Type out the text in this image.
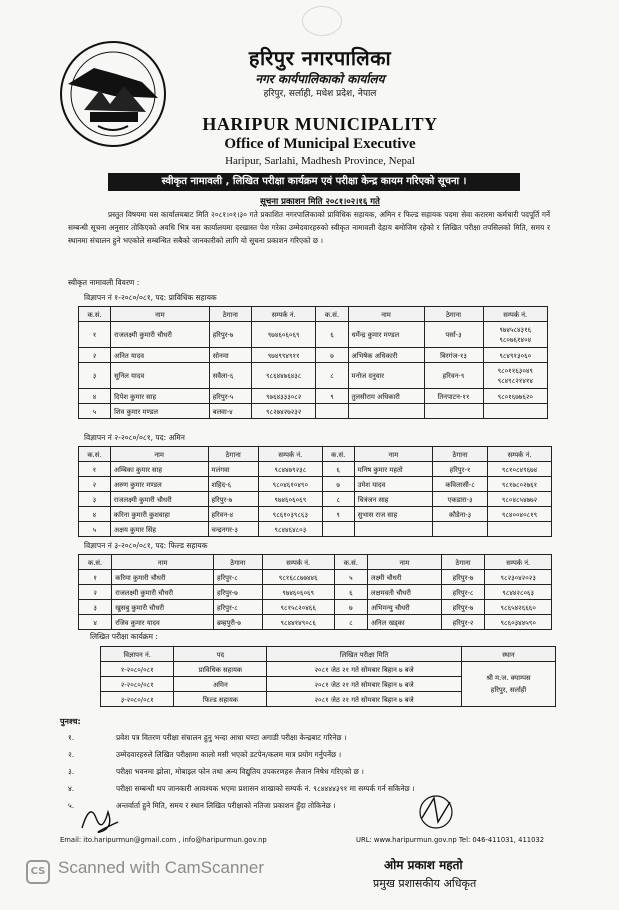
हरिपुर नगरपालिका
नगर कार्यपालिकाको कार्यालय
हरिपुर, सर्लाही, मधेश प्रदेश, नेपाल
HARIPUR MUNICIPALITY
Office of Municipal Executive
Haripur, Sarlahi, Madhesh Province, Nepal
स्वीकृत नामावली , लिखित परीक्षा कार्यक्रम एवं परीक्षा केन्द्र कायम गरिएको सूचना ।
सूचना प्रकाशन मिति २०८१।०२।१६ गते
प्रस्तुत विषयमा यस कार्यालयबाट मिति २०८१।०१।३० गते प्रकाशित नगरपालिकाको प्राविधिक सहायक, अमिन र फिल्ड सहायक पदमा सेवा करारमा कर्मचारी पदपूर्ति गर्ने सम्बन्धी सूचना अनुसार तोकिएको अवधि भित्र यस कार्यालयमा दरखास्त पेश गरेका उम्मेदवारहरुको स्वीकृत नामावली देहाय बमोजिम रहेको र लिखित परीक्षा तपसिलको मिति, समय र स्थानमा संचालन हुने भएकोले सम्बन्धित सबैको जानकारीको लागि यो सूचना प्रकाशन गरिएको छ ।
स्वीकृत नामावली विवरण :
विज्ञापन नं १-२०८०/०८१, पद: प्राविधिक सहायक
क.सं.	नाम	ठेगाना	सम्पर्क नं.	क.सं.	नाम	ठेगाना	सम्पर्क नं.
१	राजलक्ष्मी कुमारी चौधरी	हरिपुर-७	९७४६०६०६९	६	धर्मेन्द्र कुमार मण्डल	पर्सा-३	९७४५८४३१६
९८०७६१४०४
२	अनित यादव	सोनमा	९७४९९४९११	७	अभिषेक अधिकारी	बिरगंज-१३	९८४९१३०६०
३	सुनिल यादव	सवैला-६	९८६४४७६४३८	८	मनोज दनुवार	हरिवन-९	९८०११६३०४९
९८४९८२१४१४
४	दिपेश कुमार साह	हरिपुर-५	९७६४३३३०८२	९	तुलसीराम अधिकारी	तिनपाटन-११	९८०१६७७६२०
५	शिव कुमार मण्डल	बलवा-४	९८२७४२७२३२				
विज्ञापन नं २-२०८०/०८१, पद: अमिन
क.सं.	नाम	ठेगाना	सम्पर्क नं.	क.सं.	नाम	ठेगाना	सम्पर्क नं.
१	अम्बिका कुमार साह	मलंगवा	९८४४७९२३८	६	मनिष कुमार महतो	हरिपुर-१	९८१०८४९६७४
२	अरुण कुमार मण्डल	शहिद-६	९८०४६१०४९०	७	उमेश यादव	कविलासी-८	९८१७८०२७६१
३	राजलक्ष्मी कुमारी चौधरी	हरिपुर-७	९७४६०६०६९	८	चित्रंजन साह	एकडारा-३	९८०४८५४७७२
४	करिना कुमारी कुशवाहा	हरिवन-४	९८६१०३९८६३	९	सुभास राज साह	कौडेना-३	९८४००४०८१९
५	अक्षय कुमार सिंह	चन्द्रनगर-३	९८४४६४८०३				
विज्ञापन नं ३-२०८०/०८१, पद: फिल्ड सहायक
क.सं.	नाम	ठेगाना	सम्पर्क नं.	क.सं.	नाम	ठेगाना	सम्पर्क नं.
१	करिमा कुमारी चौधरी	हरिपुर-८	९८१६८८७७४४६	५	लक्ष्मी चौधरी	हरिपुर-७	९८२३०४२०२३
२	राजलक्ष्मी कुमारी चौधरी	हरिपुर-७	९७४६०६०६९	६	लक्षमवती चौधरी	हरिपुर-८	९८४४२८०६३
३	खुसबु कुमारी चौधरी	हरिपुर-८	९८१५८२०४६६	७	अभिमन्यु चौधरी	हरिपुर-७	९८६५४२६६६०
४	रजिव कुमार यादव	ब्रम्हपुरी-७	९८४४१४९०८६	८	अनिल खड्का	हरिपुर-२	९८६०३४४५९०
लिखित परीक्षा कार्यक्रम :
विज्ञापन नं.	पद	लिखित परीक्षा मिति	स्थान
१-२०८०/०८१	प्राविधिक सहायक	२०८१ जेठ २१ गते सोमबार बिहान ७ बजे	श्री म.ज. क्याम्पस
हरिपुर, सर्लाही
२-२०८०/०८१	अमिन	२०८१ जेठ २१ गते सोमबार बिहान ७ बजे	
३-२०८०/०८१	फिल्ड सहायक	२०८१ जेठ २१ गते सोमबार बिहान ७ बजे	
पुनश्च:
१.	प्रवेश पत्र वितरण परीक्षा संचालन हुनु भन्दा आधा घण्टा अगाडी परीक्षा केन्द्रबाट गरिनेछ ।
२.	उम्मेदवारहरुले लिखित परीक्षामा कालो मसी भएको डटपेन/कलम मात्र प्रयोग गर्नुपर्नेछ ।
३.	परीक्षा भवनमा झोला, मोबाइल फोन तथा अन्य विद्युतिय उपकरणहरु लैजान निषेध गरिएको छ ।
४.	परीक्षा सम्बन्धी थप जानकारी आवश्यक भएमा प्रशासन शाखाको सम्पर्क नं. ९८४४४४३९१ मा सम्पर्क गर्न सकिनेछ ।
५.	अन्तर्वार्ता हुने मिति, समय र स्थान लिखित परीक्षाको नतिजा प्रकाशन हुँदा तोकिनेछ ।
Email: ito.haripurmun@gmail.com , info@haripurmun.gov.np	URL: www.haripurmun.gov.np Tel: 046-411031, 411032
ओम प्रकाश महतो
प्रमुख प्रशासकीय अधिकृत
CS Scanned with CamScanner
